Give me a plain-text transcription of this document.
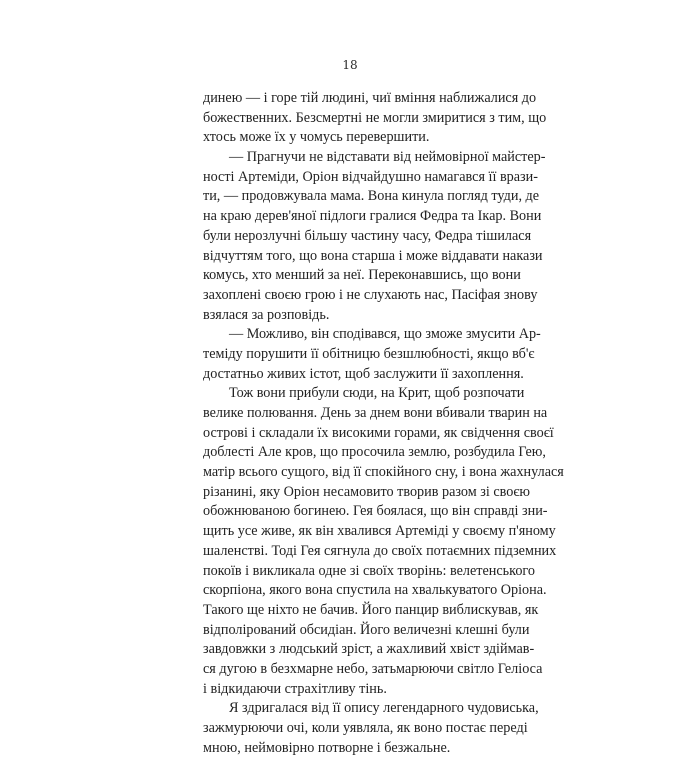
18
динею — і горе тій людині, чиї вміння наближалися до
божественних. Безсмертні не могли змиритися з тим, що
хтось може їх у чомусь перевершити.
— Прагнучи не відставати від неймовірної майстер-
ності Артеміди, Оріон відчайдушно намагався її врази-
ти, — продовжувала мама. Вона кинула погляд туди, де
на краю дерев'яної підлоги гралися Федра та Ікар. Вони
були нерозлучні більшу частину часу, Федра тішилася
відчуттям того, що вона старша і може віддавати накази
комусь, хто менший за неї. Переконавшись, що вони
захоплені своєю грою і не слухають нас, Пасіфая знову
взялася за розповідь.
— Можливо, він сподівався, що зможе змусити Ар-
теміду порушити її обітницю безшлюбності, якщо вб'є
достатньо живих істот, щоб заслужити її захоплення.
Тож вони прибули сюди, на Крит, щоб розпочати
велике полювання. День за днем вони вбивали тварин на
острові і складали їх високими горами, як свідчення своєї
доблесті Але кров, що просочила землю, розбудила Гею,
матір всього сущого, від її спокійного сну, і вона жахнулася
різанині, яку Оріон несамовито творив разом зі своєю
обожнюваною богинею. Гея боялася, що він справді зни-
щить усе живе, як він хвалився Артеміді у своєму п'яному
шаленстві. Тоді Гея сягнула до своїх потаємних підземних
покоїв і викликала одне зі своїх творінь: велетенського
скорпіона, якого вона спустила на хвалькуватого Оріона.
Такого ще ніхто не бачив. Його панцир виблискував, як
відполірований обсидіан. Його величезні клешні були
завдовжки з людський зріст, а жахливий хвіст здіймав-
ся дугою в безхмарне небо, затьмарюючи світло Геліоса
і відкидаючи страхітливу тінь.
Я здригалася від її опису легендарного чудовиська,
зажмурюючи очі, коли уявляла, як воно постає переді
мною, неймовірно потворне і безжальне.
